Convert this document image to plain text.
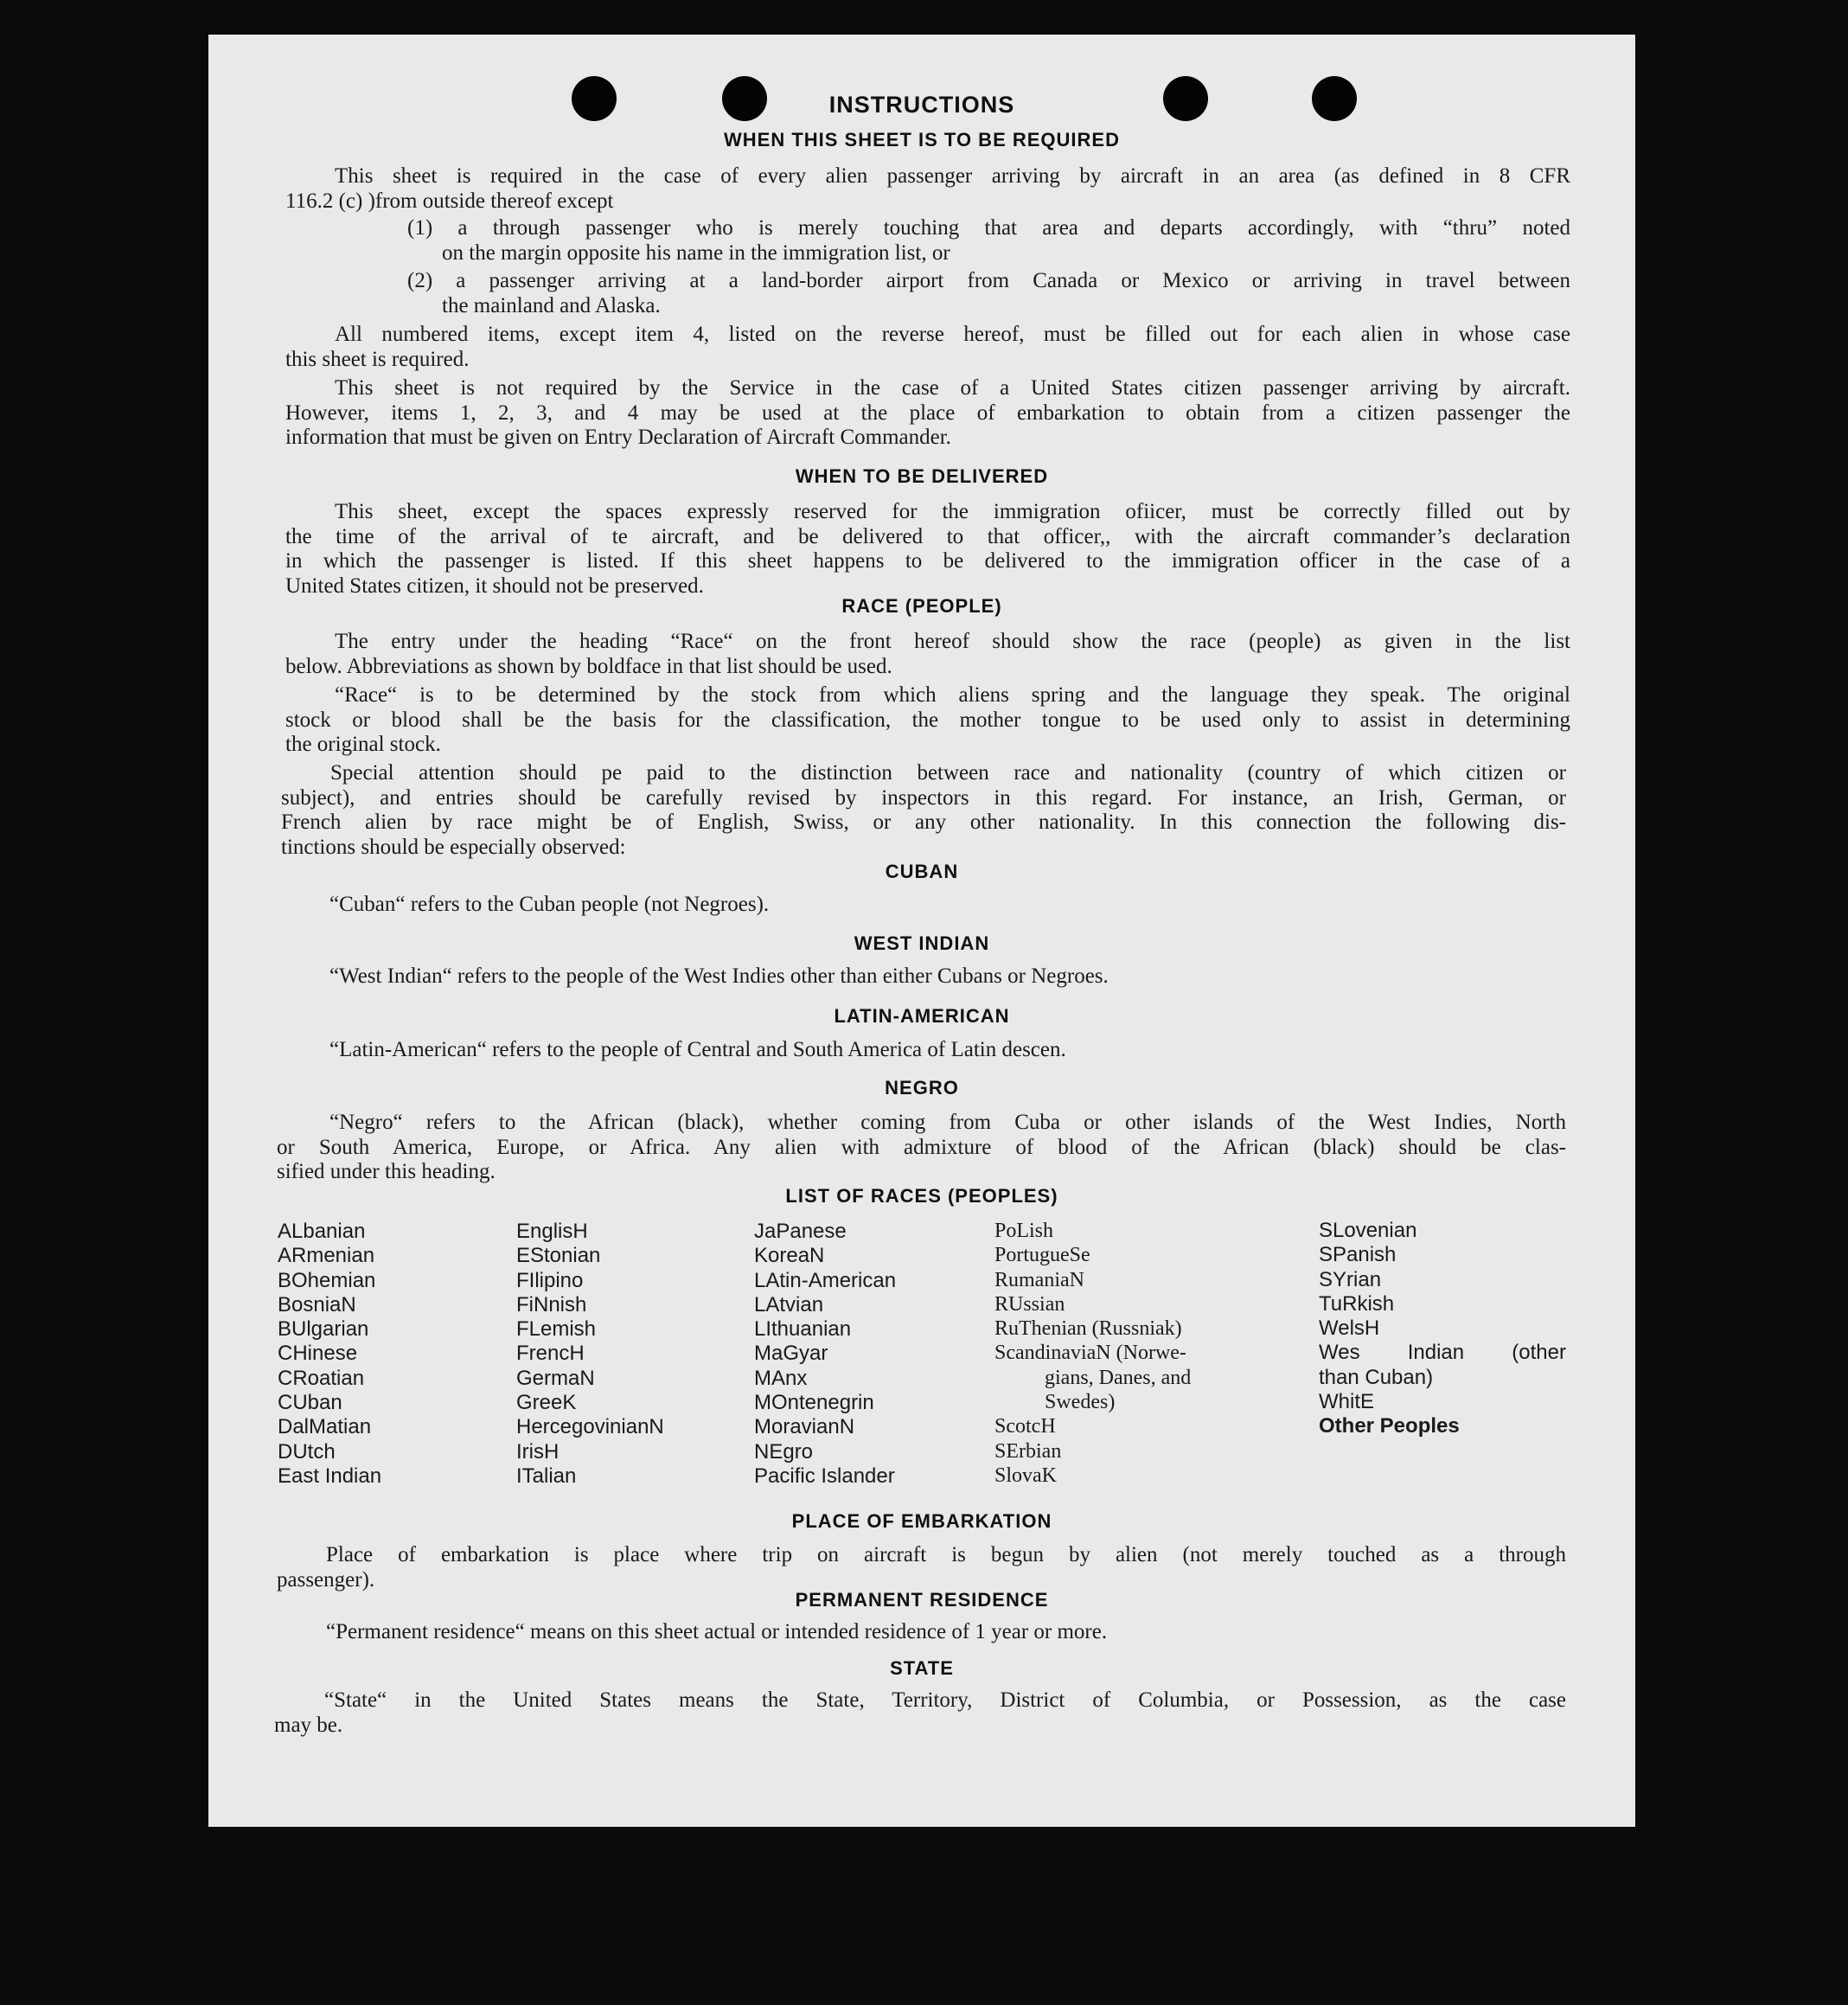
INSTRUCTIONS
WHEN THIS SHEET IS TO BE REQUIRED
This sheet is required in the case of every alien passenger arriving by aircraft in an area (as defined in 8 CFR
116.2 (c) )from outside thereof except
(1) a through passenger who is merely touching that area and departs accordingly, with “thru” noted
on the margin opposite his name in the immigration list, or
(2) a passenger arriving at a land-border airport from Canada or Mexico or arriving in travel between
the mainland and Alaska.
All numbered items, except item 4, listed on the reverse hereof, must be filled out for each alien in whose case
this sheet is required.
This sheet is not required by the Service in the case of a United States citizen passenger arriving by aircraft.
However, items 1, 2, 3, and 4 may be used at the place of embarkation to obtain from a citizen passenger the
information that must be given on Entry Declaration of Aircraft Commander.
WHEN TO BE DELIVERED
This sheet, except the spaces expressly reserved for the immigration ofiicer, must be correctly filled out by
the time of the arrival of te aircraft, and be delivered to that officer,, with the aircraft commander’s declaration
in which the passenger is listed. If this sheet happens to be delivered to the immigration officer in the case of a
United States citizen, it should not be preserved.
RACE (PEOPLE)
The entry under the heading “Race“ on the front hereof should show the race (people) as given in the list
below. Abbreviations as shown by boldface in that list should be used.
“Race“ is to be determined by the stock from which aliens spring and the language they speak. The original
stock or blood shall be the basis for the classification, the mother tongue to be used only to assist in determining
the original stock.
Special attention should pe paid to the distinction between race and nationality (country of which citizen or
subject), and entries should be carefully revised by inspectors in this regard. For instance, an Irish, German, or
French alien by race might be of English, Swiss, or any other nationality. In this connection the following dis-
tinctions should be especially observed:
CUBAN
“Cuban“ refers to the Cuban people (not Negroes).
WEST INDIAN
“West Indian“ refers to the people of the West Indies other than either Cubans or Negroes.
LATIN-AMERICAN
“Latin-American“ refers to the people of Central and South America of Latin descen.
NEGRO
“Negro“ refers to the African (black), whether coming from Cuba or other islands of the West Indies, North
or South America, Europe, or Africa. Any alien with admixture of blood of the African (black) should be clas-
sified under this heading.
LIST OF RACES (PEOPLES)
ALbanian
ARmenian
BOhemian
BosniaN
BUlgarian
CHinese
CRoatian
CUban
DalMatian
DUtch
East Indian
EnglisH
EStonian
FIlipino
FiNnish
FLemish
FrencH
GermaN
GreeK
HercegovinianN
IrisH
ITalian
JaPanese
KoreaN
LAtin-American
LAtvian
LIthuanian
MaGyar
MAnx
MOntenegrin
MoravianN
NEgro
Pacific Islander
PoLish
PortugueSe
RumaniaN
RUssian
RuThenian (Russniak)
ScandinaviaN (Norwe-
gians, Danes, and
Swedes)
ScotcH
SErbian
SlovaK
SLovenian
SPanish
SYrian
TuRkish
WelsH
Wes Indian (other
than Cuban)
WhitE
Other Peoples
PLACE OF EMBARKATION
Place of embarkation is place where trip on aircraft is begun by alien (not merely touched as a through
passenger).
PERMANENT RESIDENCE
“Permanent residence“ means on this sheet actual or intended residence of 1 year or more.
STATE
“State“ in the United States means the State, Territory, District of Columbia, or Possession, as the case
may be.
